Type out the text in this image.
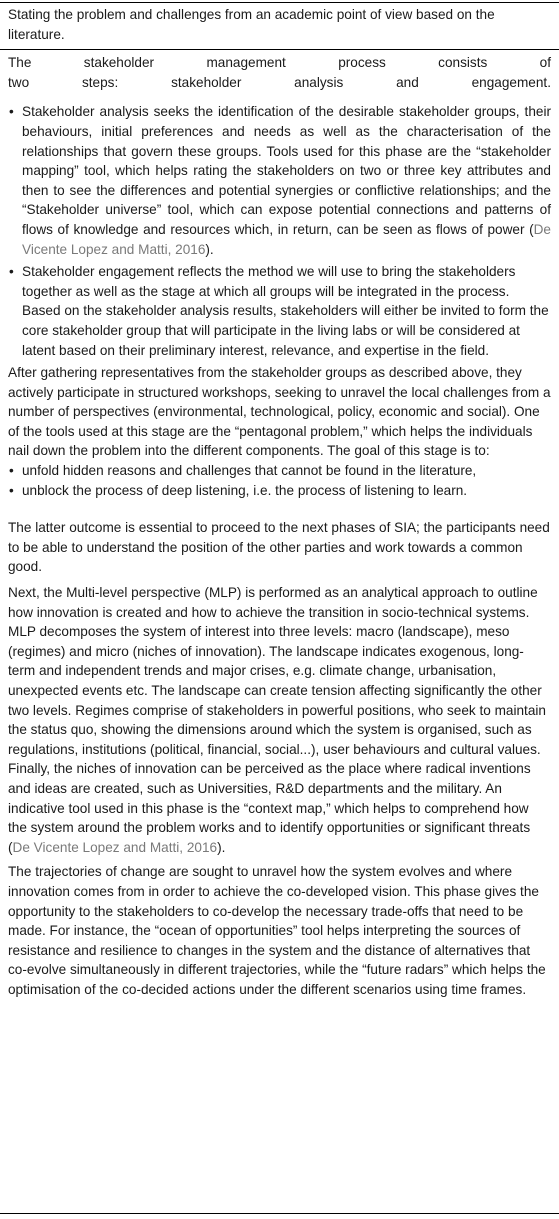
Stating the problem and challenges from an academic point of view based on the literature.

The stakeholder management process consists of
two steps: stakeholder analysis and engagement.
• Stakeholder analysis seeks the identification of the desirable stakeholder groups, their behaviours, initial preferences and needs as well as the characterisation of the relationships that govern these groups. Tools used for this phase are the “stakeholder mapping” tool, which helps rating the stakeholders on two or three key attributes and then to see the differences and potential synergies or conflictive relationships; and the “Stakeholder universe” tool, which can expose potential connections and patterns of flows of knowledge and resources which, in return, can be seen as flows of power (De Vicente Lopez and Matti, 2016).
• Stakeholder engagement reflects the method we will use to bring the stakeholders together as well as the stage at which all groups will be integrated in the process. Based on the stakeholder analysis results, stakeholders will either be invited to form the core stakeholder group that will participate in the living labs or will be considered at latent based on their preliminary interest, relevance, and expertise in the field.

After gathering representatives from the stakeholder groups as described above, they actively participate in structured workshops, seeking to unravel the local challenges from a number of perspectives (environmental, technological, policy, economic and social). One of the tools used at this stage are the “pentagonal problem,” which helps the individuals nail down the problem into the different components. The goal of this stage is to:

• unfold hidden reasons and challenges that cannot be found in the literature,
• unblock the process of deep listening, i.e. the process of listening to learn.

The latter outcome is essential to proceed to the next phases of SIA; the participants need to be able to understand the position of the other parties and work towards a common good.

Next, the Multi-level perspective (MLP) is performed as an analytical approach to outline how innovation is created and how to achieve the transition in socio-technical systems. MLP decomposes the system of interest into three levels: macro (landscape), meso (regimes) and micro (niches of innovation). The landscape indicates exogenous, long-term and independent trends and major crises, e.g. climate change, urbanisation, unexpected events etc. The landscape can create tension affecting significantly the other two levels. Regimes comprise of stakeholders in powerful positions, who seek to maintain the status quo, showing the dimensions around which the system is organised, such as regulations, institutions (political, financial, social...), user behaviours and cultural values. Finally, the niches of innovation can be perceived as the place where radical inventions and ideas are created, such as Universities, R&D departments and the military. An indicative tool used in this phase is the “context map,” which helps to comprehend how the system around the problem works and to identify opportunities or significant threats (De Vicente Lopez and Matti, 2016).

The trajectories of change are sought to unravel how the system evolves and where innovation comes from in order to achieve the co-developed vision. This phase gives the opportunity to the stakeholders to co-develop the necessary trade-offs that need to be made. For instance, the “ocean of opportunities” tool helps interpreting the sources of resistance and resilience to changes in the system and the distance of alternatives that co-evolve simultaneously in different trajectories, while the “future radars” which helps the optimisation of the co-decided actions under the different scenarios using time frames.
